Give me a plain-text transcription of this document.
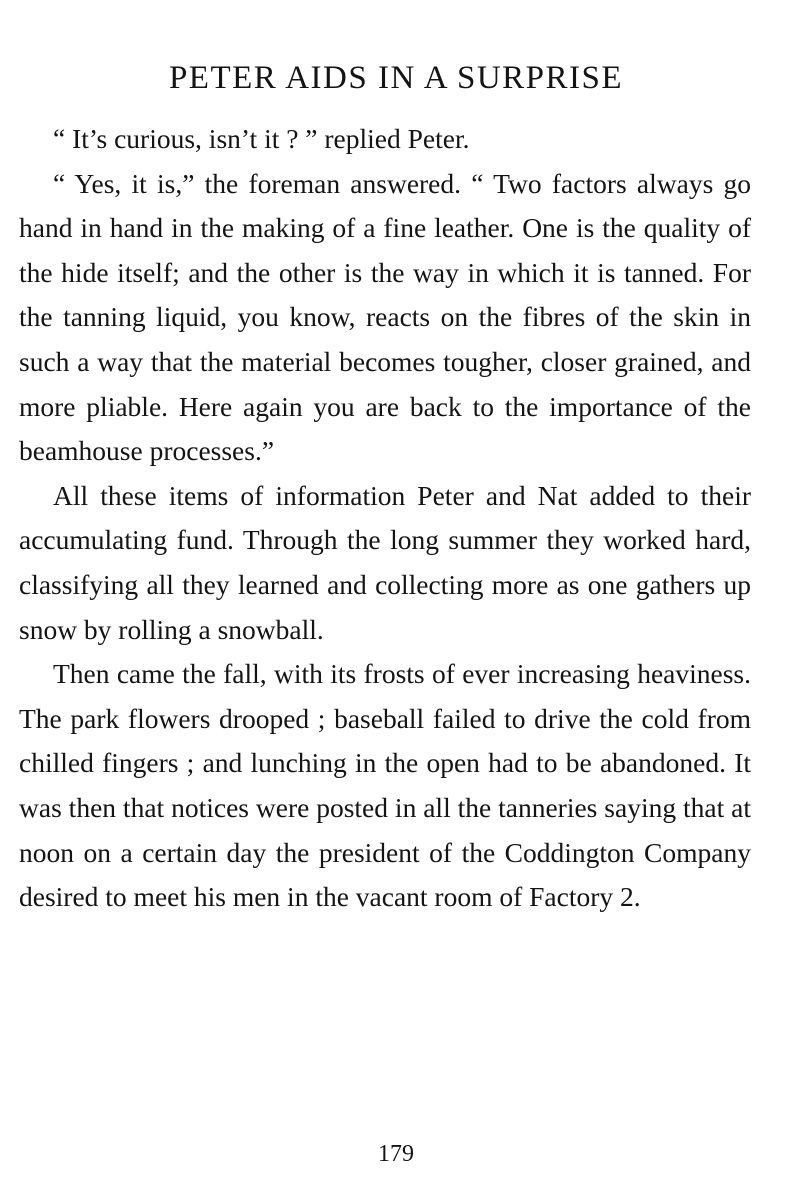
PETER AIDS IN A SURPRISE

“ It’s curious, isn’t it ? ” replied Peter.

“ Yes, it is,” the foreman answered. “ Two factors always go hand in hand in the making of a fine leather. One is the quality of the hide itself; and the other is the way in which it is tanned. For the tanning liquid, you know, reacts on the fibres of the skin in such a way that the material becomes tougher, closer grained, and more pliable. Here again you are back to the importance of the beamhouse processes.”

All these items of information Peter and Nat added to their accumulating fund. Through the long summer they worked hard, classifying all they learned and collecting more as one gathers up snow by rolling a snowball.

Then came the fall, with its frosts of ever increasing heaviness. The park flowers drooped ; baseball failed to drive the cold from chilled fingers ; and lunching in the open had to be abandoned. It was then that notices were posted in all the tanneries saying that at noon on a certain day the president of the Coddington Company desired to meet his men in the vacant room of Factory 2.

179
